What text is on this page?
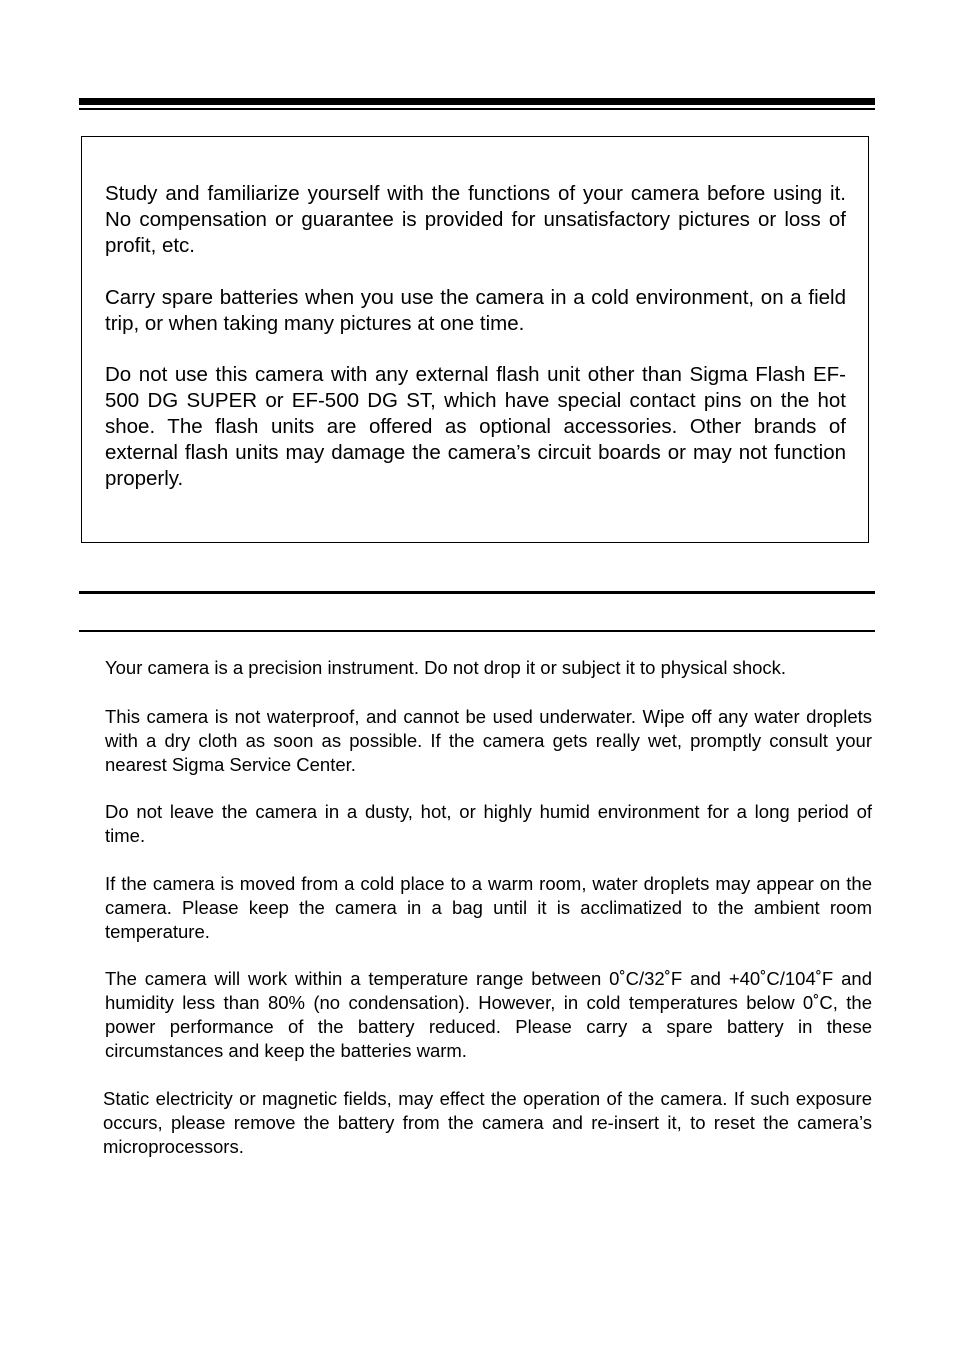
Study and familiarize yourself with the functions of your camera before using it. No compensation or guarantee is provided for unsatisfactory pictures or loss of profit, etc.

Carry spare batteries when you use the camera in a cold environment, on a field trip, or when taking many pictures at one time.

Do not use this camera with any external flash unit other than Sigma Flash EF-500 DG SUPER or EF-500 DG ST, which have special contact pins on the hot shoe. The flash units are offered as optional accessories. Other brands of external flash units may damage the camera’s circuit boards or may not function properly.

Your camera is a precision instrument. Do not drop it or subject it to physical shock.

This camera is not waterproof, and cannot be used underwater. Wipe off any water droplets with a dry cloth as soon as possible. If the camera gets really wet, promptly consult your nearest Sigma Service Center.

Do not leave the camera in a dusty, hot, or highly humid environment for a long period of time.

If the camera is moved from a cold place to a warm room, water droplets may appear on the camera. Please keep the camera in a bag until it is acclimatized to the ambient room temperature.

The camera will work within a temperature range between 0˚C/32˚F and +40˚C/104˚F and humidity less than 80% (no condensation). However, in cold temperatures below 0˚C, the power performance of the battery reduced. Please carry a spare battery in these circumstances and keep the batteries warm.

Static electricity or magnetic fields, may effect the operation of the camera. If such exposure occurs, please remove the battery from the camera and re-insert it, to reset the camera’s microprocessors.
